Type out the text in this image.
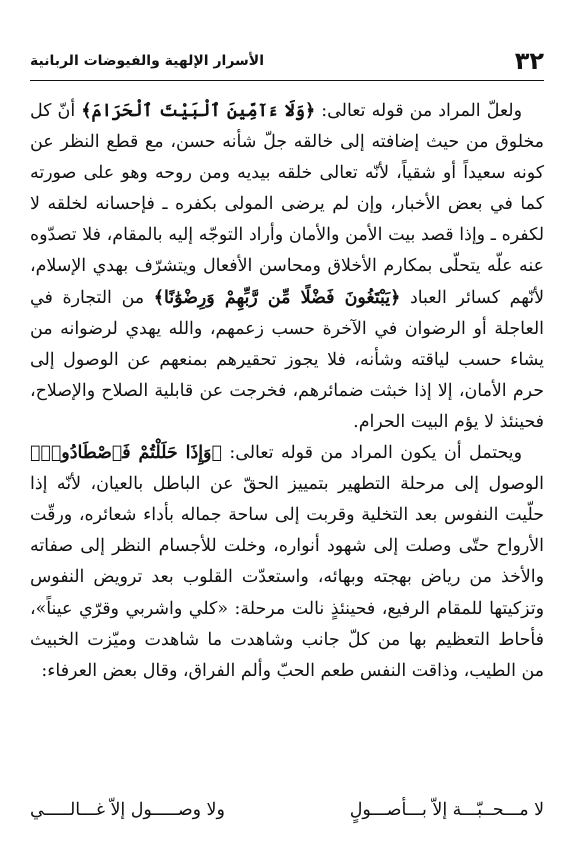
٣٢
الأسرار الإلهية والفيوضات الربانية

ولعلّ المراد من قوله تعالى: ﴿وَلَا ءَآمِّينَ ٱلْبَيْتَ ٱلْحَرَامَ﴾ أنّ كل مخلوق من حيث إضافته إلى خالقه جلّ شأنه حسن، مع قطع النظر عن كونه سعيداً أو شقياً، لأنّه تعالى خلقه بيديه ومن روحه وهو على صورته كما في بعض الأخبار، وإن لم يرضى المولى بكفره ـ فإحسانه لخلقه لا لكفره ـ وإذا قصد بيت الأمن والأمان وأراد التوجّه إليه بالمقام، فلا تصدّوه عنه علّه يتحلّى بمكارم الأخلاق ومحاسن الأفعال ويتشرّف بهدي الإسلام، لأنّهم كسائر العباد ﴿يَبْتَغُونَ فَضْلًا مِّن رَّبِّهِمْ وَرِضْوَٰنًا﴾ من التجارة في العاجلة أو الرضوان في الآخرة حسب زعمهم، والله يهدي لرضوانه من يشاء حسب لياقته وشأنه، فلا يجوز تحقيرهم بمنعهم عن الوصول إلى حرم الأمان، إلا إذا خبثت ضمائرهم، فخرجت عن قابلية الصلاح والإصلاح، فحينئذ لا يؤم البيت الحرام.

ويحتمل أن يكون المراد من قوله تعالى: ﴿وَإِذَا حَلَلْتُمْ فَٱصْطَادُوا۟﴾ الوصول إلى مرحلة التطهير بتمييز الحقّ عن الباطل بالعيان، لأنّه إذا حلّيت النفوس بعد التخلية وقربت إلى ساحة جماله بأداء شعائره، ورقّت الأرواح حتّى وصلت إلى شهود أنواره، وخلت للأجسام النظر إلى صفاته والأخذ من رياض بهجته وبهائه، واستعدّت القلوب بعد ترويض النفوس وتزكيتها للمقام الرفيع، فحينئذٍ نالت مرحلة: «كلي واشربي وقرّي عيناً»، فأحاط التعظيم بها من كلّ جانب وشاهدت ما شاهدت وميّزت الخبيث من الطيب، وذاقت النفس طعم الحبّ وألم الفراق، وقال بعض العرفاء:

لا مـــحــبّـــة إلاّ بـــأصـــولٍ
ولا وصـــــول إلاّ غـــالـــــي
